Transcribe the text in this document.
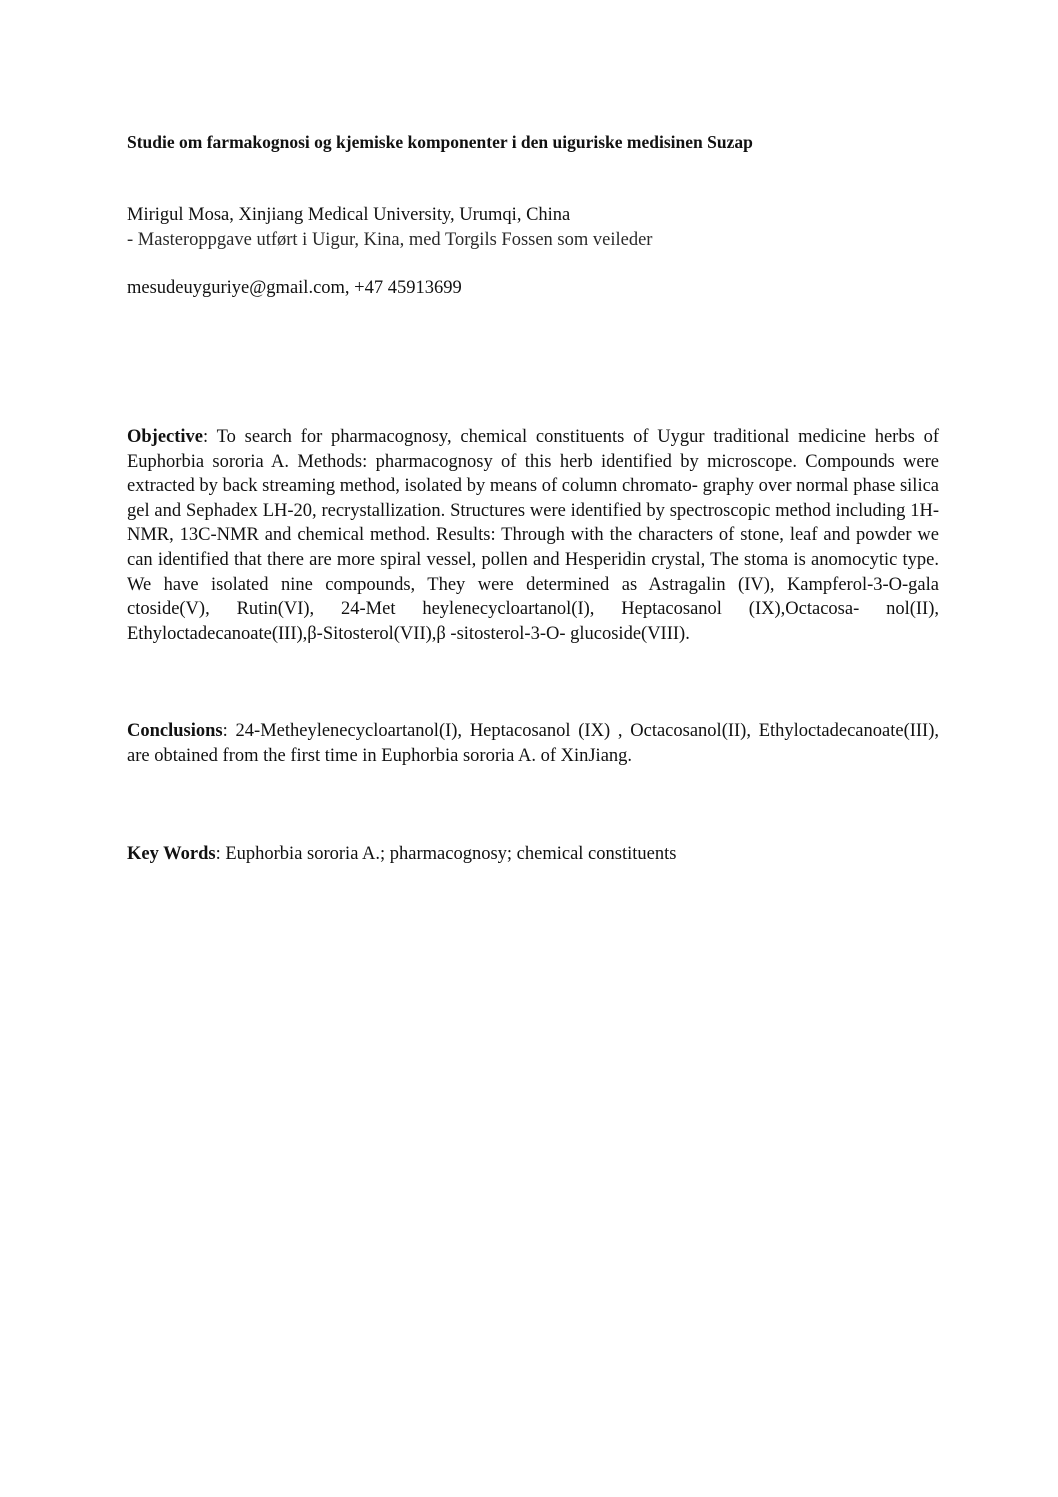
Studie om farmakognosi og kjemiske komponenter i den uiguriske medisinen Suzap
Mirigul Mosa, Xinjiang Medical University, Urumqi, China
- Masteroppgave utført i Uigur, Kina, med Torgils Fossen som veileder
mesudeuyguriye@gmail.com, +47 45913699
Objective: To search for pharmacognosy, chemical constituents of Uygur traditional medicine herbs of Euphorbia sororia A. Methods: pharmacognosy of this herb identified by microscope. Compounds were extracted by back streaming method, isolated by means of column chromato- graphy over normal phase silica gel and Sephadex LH-20, recrystallization. Structures were identified by spectroscopic method including 1H-NMR, 13C-NMR and chemical method. Results: Through with the characters of stone, leaf and powder we can identified that there are more spiral vessel, pollen and Hesperidin crystal, The stoma is anomocytic type. We have isolated nine compounds, They were determined as Astragalin (IV), Kampferol-3-O-gala ctoside(V), Rutin(VI), 24-Met heylenecycloartanol(I), Heptacosanol (IX),Octacosa- nol(II), Ethyloctadecanoate(III),β-Sitosterol(VII),β -sitosterol-3-O- glucoside(VIII).
Conclusions: 24-Metheylenecycloartanol(I), Heptacosanol (IX) , Octacosanol(II), Ethyloctadecanoate(III), are obtained from the first time in Euphorbia sororia A. of XinJiang.
Key Words: Euphorbia sororia A.; pharmacognosy; chemical constituents
